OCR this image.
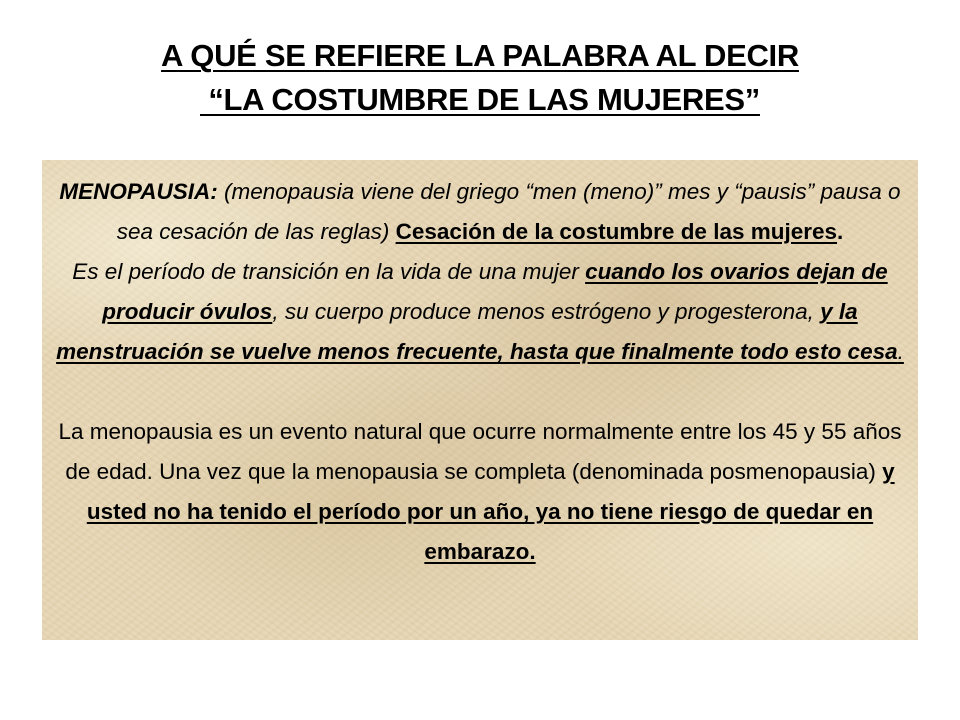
A QUÉ SE REFIERE LA PALABRA AL DECIR
“LA COSTUMBRE DE LAS MUJERES”

MENOPAUSIA: (menopausia viene del griego “men (meno)” mes y “pausis” pausa o sea cesación de las reglas) Cesación de la costumbre de las mujeres.

Es el período de transición en la vida de una mujer cuando los ovarios dejan de producir óvulos, su cuerpo produce menos estrógeno y progesterona, y la menstruación se vuelve menos frecuente, hasta que finalmente todo esto cesa.

La menopausia es un evento natural que ocurre normalmente entre los 45 y 55 años de edad. Una vez que la menopausia se completa (denominada posmenopausia) y usted no ha tenido el período por un año, ya no tiene riesgo de quedar en embarazo.
